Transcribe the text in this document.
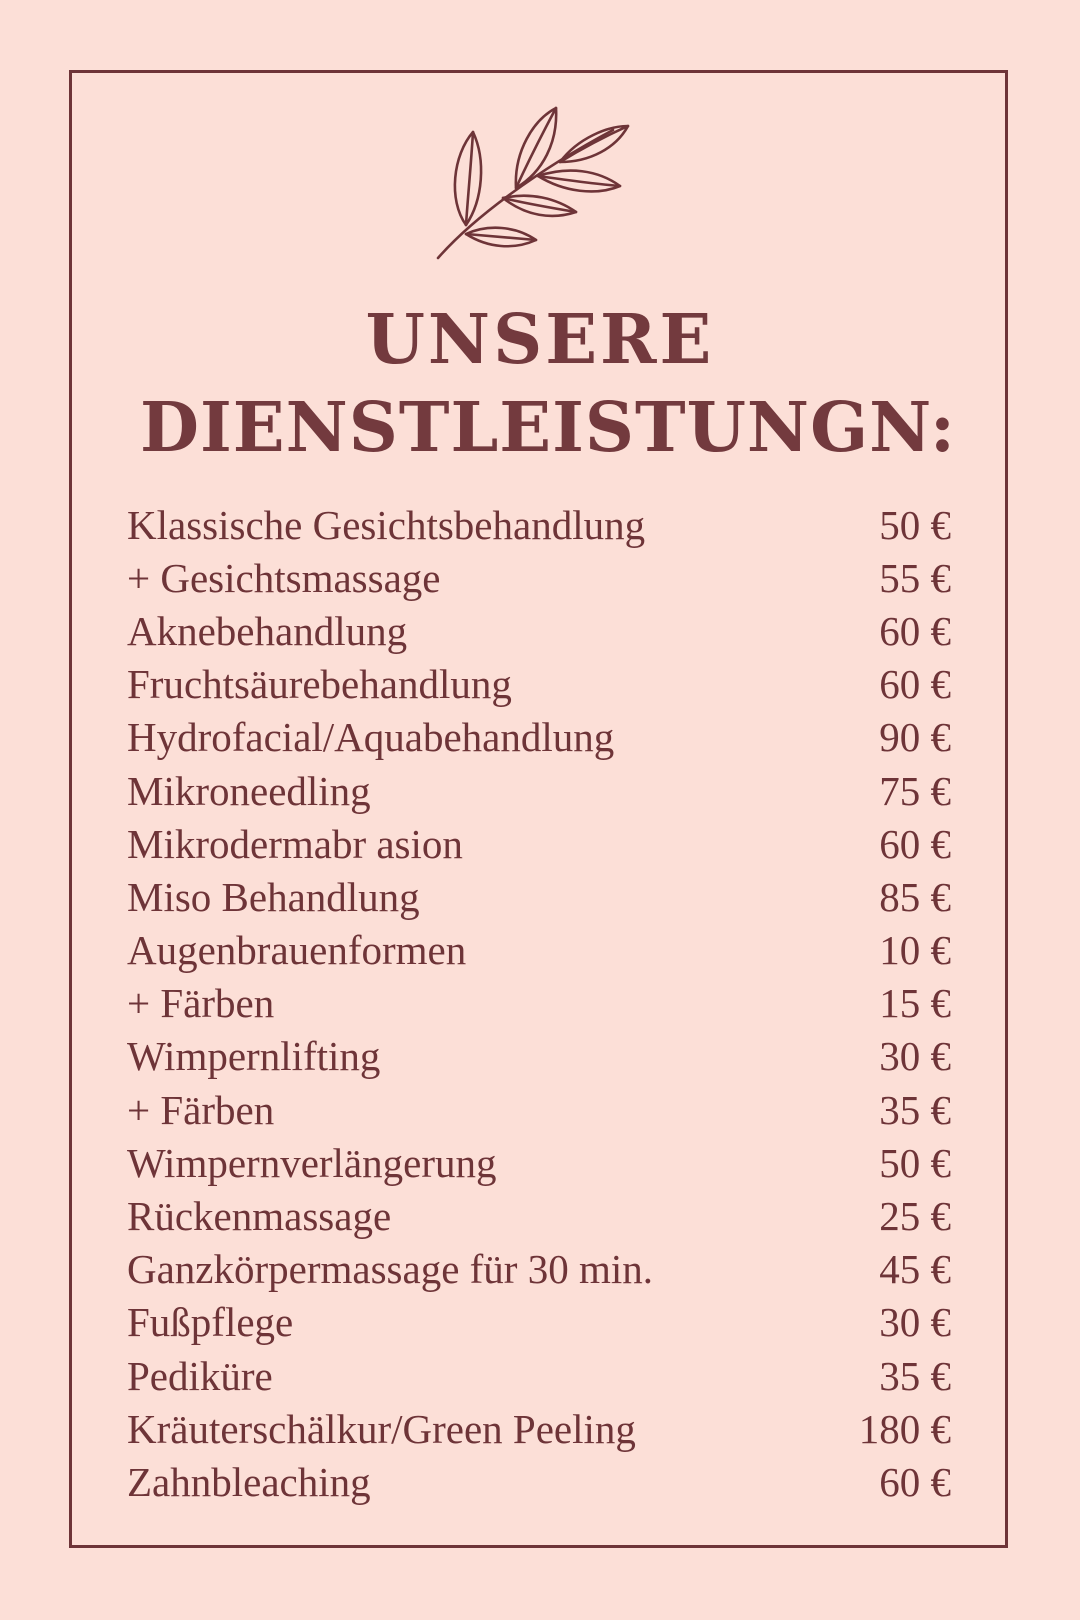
UNSERE
DIENSTLEISTUNGN:
Klassische Gesichtsbehandlung	50 €
+ Gesichtsmassage	55 €
Aknebehandlung	60 €
Fruchtsäurebehandlung	60 €
Hydrofacial/Aquabehandlung	90 €
Mikroneedling	75 €
Mikrodermabr asion	60 €
Miso Behandlung	85 €
Augenbrauenformen	10 €
+ Färben	15 €
Wimpernlifting	30 €
+ Färben	35 €
Wimpernverlängerung	50 €
Rückenmassage	25 €
Ganzkörpermassage für 30 min.	45 €
Fußpflege	30 €
Pediküre	35 €
Kräuterschälkur/Green Peeling	180 €
Zahnbleaching	60 €
